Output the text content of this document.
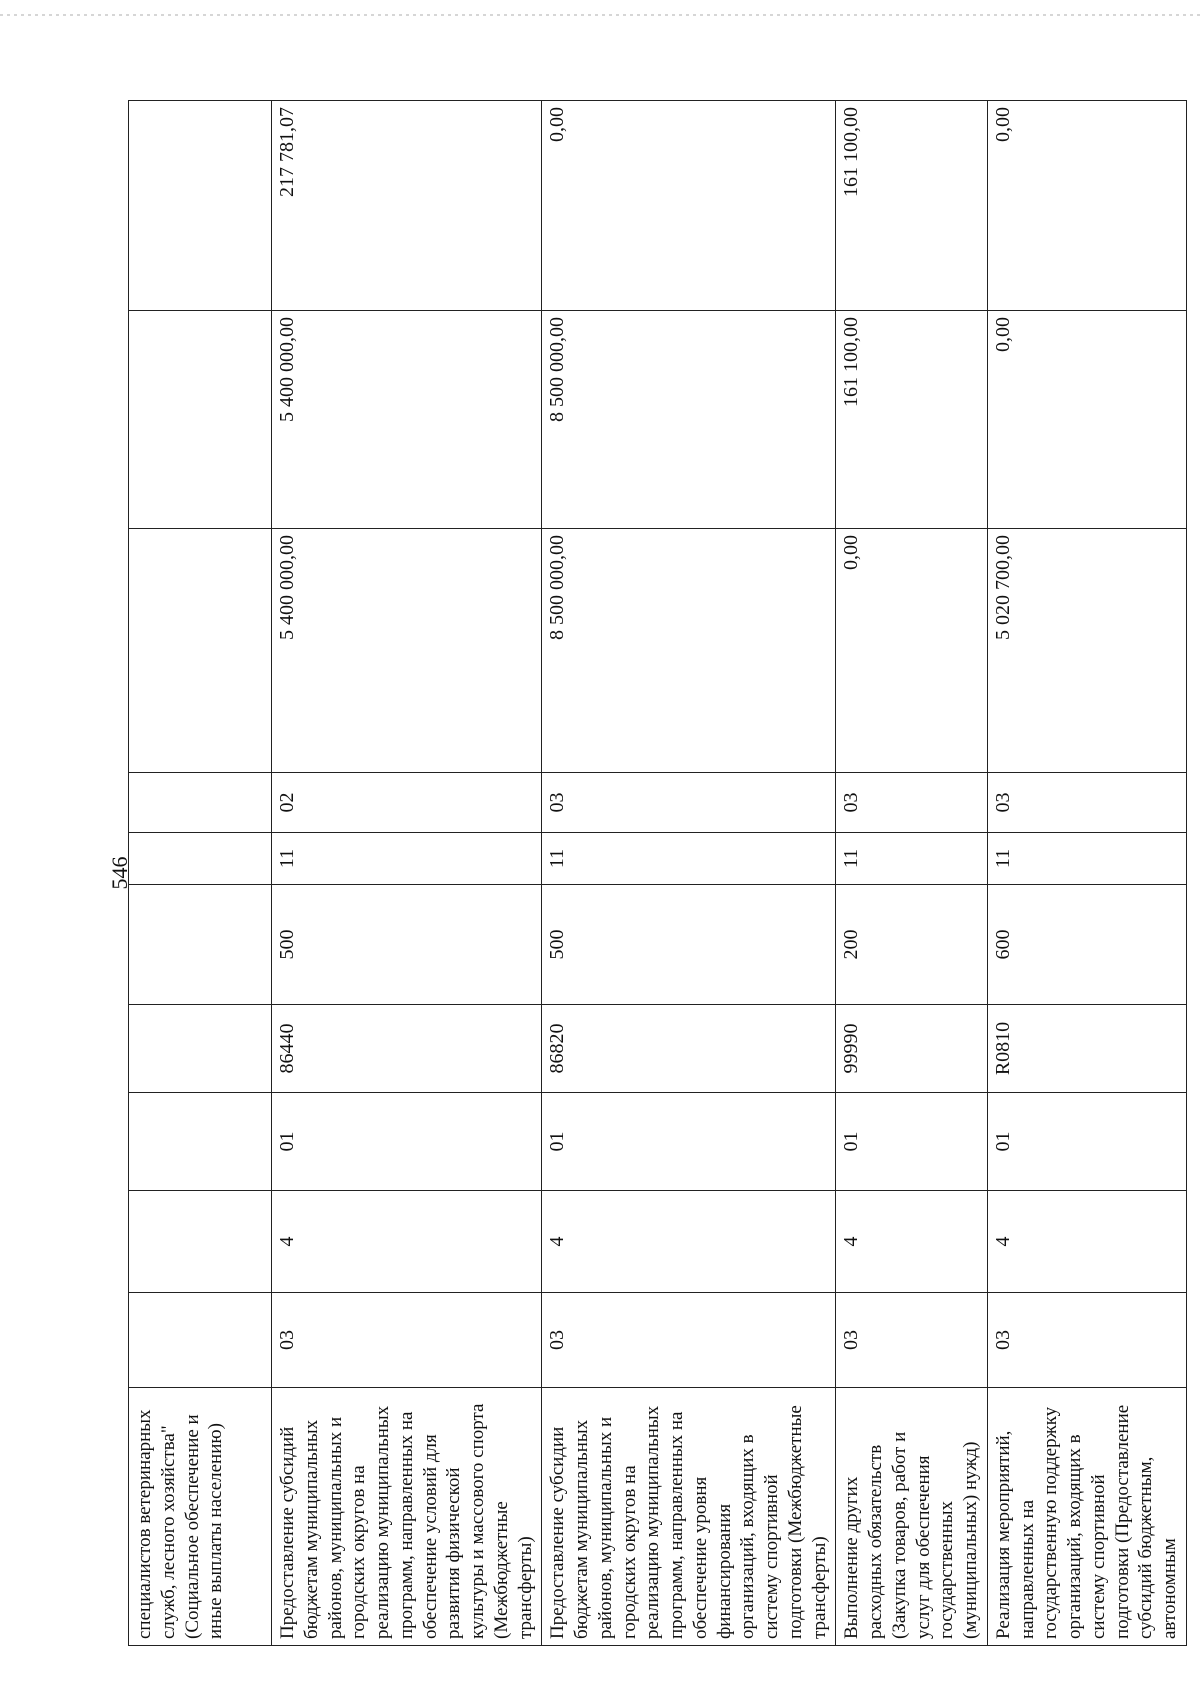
546
специалистов ветеринарных служб, лесного хозяйства" (Социальное обеспечение и иные выплаты населению)										
Предоставление субсидий бюджетам муниципальных районов, муниципальных и городских округов на реализацию муниципальных программ, направленных на обеспечение условий для развития физической культуры и массового спорта (Межбюджетные трансферты)	03	4	01	86440	500	11	02	5 400 000,00	5 400 000,00	217 781,07
Предоставление субсидии бюджетам муниципальных районов, муниципальных и городских округов на реализацию муниципальных программ, направленных на обеспечение уровня финансирования организаций, входящих в систему спортивной подготовки (Межбюджетные трансферты)	03	4	01	86820	500	11	03	8 500 000,00	8 500 000,00	0,00
Выполнение других расходных обязательств (Закупка товаров, работ и услуг для обеспечения государственных (муниципальных) нужд)	03	4	01	99990	200	11	03	0,00	161 100,00	161 100,00
Реализация мероприятий, направленных на государственную поддержку организаций, входящих в систему спортивной подготовки (Предоставление субсидий бюджетным, автономным	03	4	01	R0810	600	11	03	5 020 700,00	0,00	0,00
